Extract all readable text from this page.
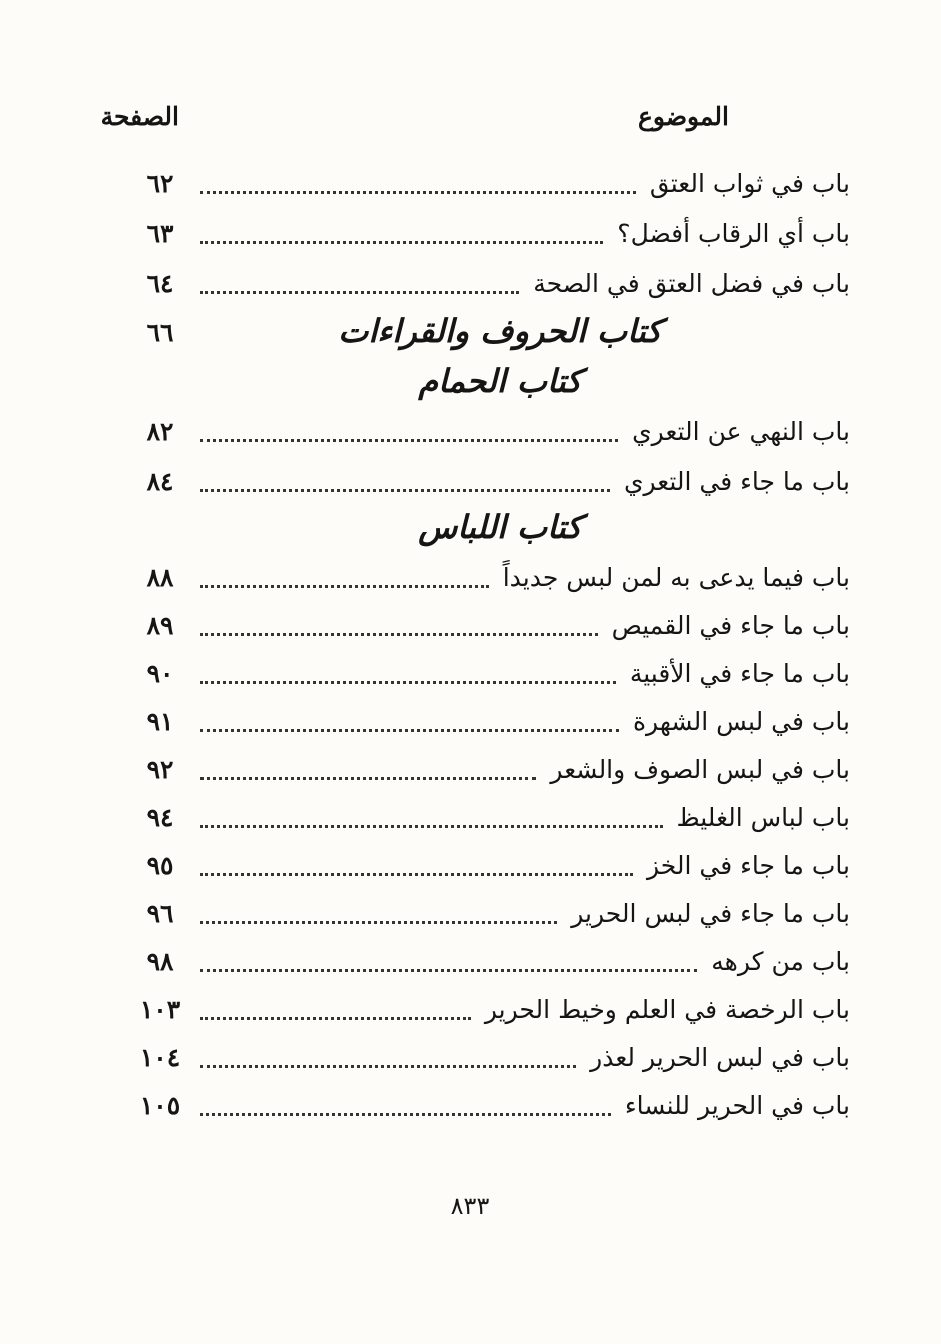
الموضوع
الصفحة
باب في ثواب العتق
٦٢
باب أي الرقاب أفضل؟
٦٣
باب في فضل العتق في الصحة
٦٤
كتاب الحروف والقراءات
٦٦
كتاب الحمام
باب النهي عن التعري
٨٢
باب ما جاء في التعري
٨٤
كتاب اللباس
باب فيما يدعى به لمن لبس جديداً
٨٨
باب ما جاء في القميص
٨٩
باب ما جاء في الأقبية
٩٠
باب في لبس الشهرة
٩١
باب في لبس الصوف والشعر
٩٢
باب لباس الغليظ
٩٤
باب ما جاء في الخز
٩٥
باب ما جاء في لبس الحرير
٩٦
باب من كرهه
٩٨
باب الرخصة في العلم وخيط الحرير
١٠٣
باب في لبس الحرير لعذر
١٠٤
باب في الحرير للنساء
١٠٥
٨٣٣
